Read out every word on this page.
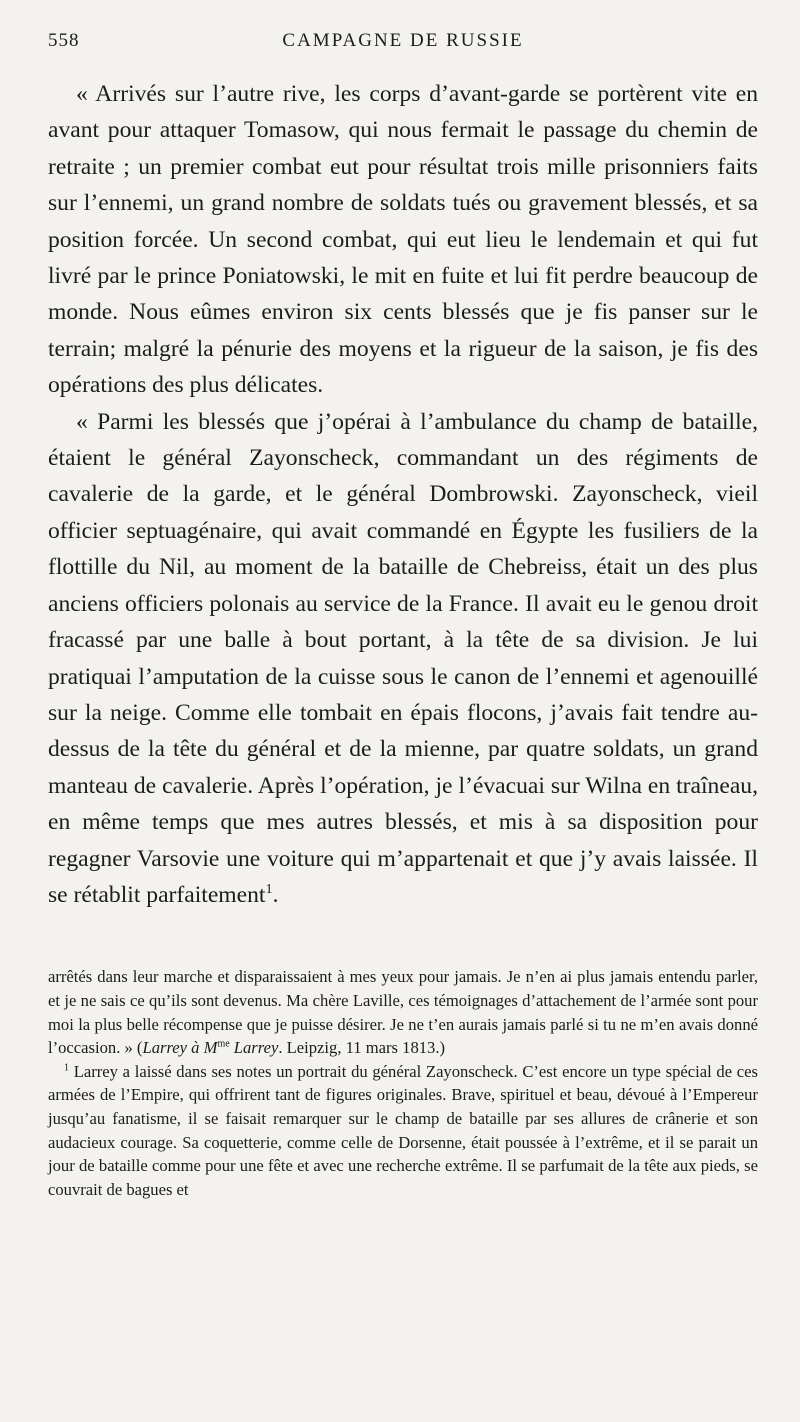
558	CAMPAGNE DE RUSSIE

« Arrivés sur l’autre rive, les corps d’avant-garde se portèrent vite en avant pour attaquer Tomasow, qui nous fermait le passage du chemin de retraite ; un premier combat eut pour résultat trois mille prisonniers faits sur l’ennemi, un grand nombre de soldats tués ou gravement blessés, et sa position forcée. Un second combat, qui eut lieu le lendemain et qui fut livré par le prince Poniatowski, le mit en fuite et lui fit perdre beaucoup de monde. Nous eûmes environ six cents blessés que je fis panser sur le terrain; malgré la pénurie des moyens et la rigueur de la saison, je fis des opérations des plus délicates.

« Parmi les blessés que j’opérai à l’ambulance du champ de bataille, étaient le général Zayonscheck, commandant un des régiments de cavalerie de la garde, et le général Dombrowski. Zayonscheck, vieil officier septuagénaire, qui avait commandé en Égypte les fusiliers de la flottille du Nil, au moment de la bataille de Chebreiss, était un des plus anciens officiers polonais au service de la France. Il avait eu le genou droit fracassé par une balle à bout portant, à la tête de sa division. Je lui pratiquai l’amputation de la cuisse sous le canon de l’ennemi et agenouillé sur la neige. Comme elle tombait en épais flocons, j’avais fait tendre au-dessus de la tête du général et de la mienne, par quatre soldats, un grand manteau de cavalerie. Après l’opération, je l’évacuai sur Wilna en traîneau, en même temps que mes autres blessés, et mis à sa disposition pour regagner Varsovie une voiture qui m’appartenait et que j’y avais laissée. Il se rétablit parfaitement$^1$.

arrêtés dans leur marche et disparaissaient à mes yeux pour jamais. Je n’en ai plus jamais entendu parler, et je ne sais ce qu’ils sont devenus. Ma chère Laville, ces témoignages d’attachement de l’armée sont pour moi la plus belle récompense que je puisse désirer. Je ne t’en aurais jamais parlé si tu ne m’en avais donné l’occasion. » (Larrey à $M^{me}$ Larrey. Leipzig, 11 mars 1813.)

$^1$ Larrey a laissé dans ses notes un portrait du général Zayonscheck. C’est encore un type spécial de ces armées de l’Empire, qui offrirent tant de figures originales. Brave, spirituel et beau, dévoué à l’Empereur jusqu’au fanatisme, il se faisait remarquer sur le champ de bataille par ses allures de crânerie et son audacieux courage. Sa coquetterie, comme celle de Dorsenne, était poussée à l’extrême, et il se parait un jour de bataille comme pour une fête et avec une recherche extrême. Il se parfumait de la tête aux pieds, se couvrait de bagues et
